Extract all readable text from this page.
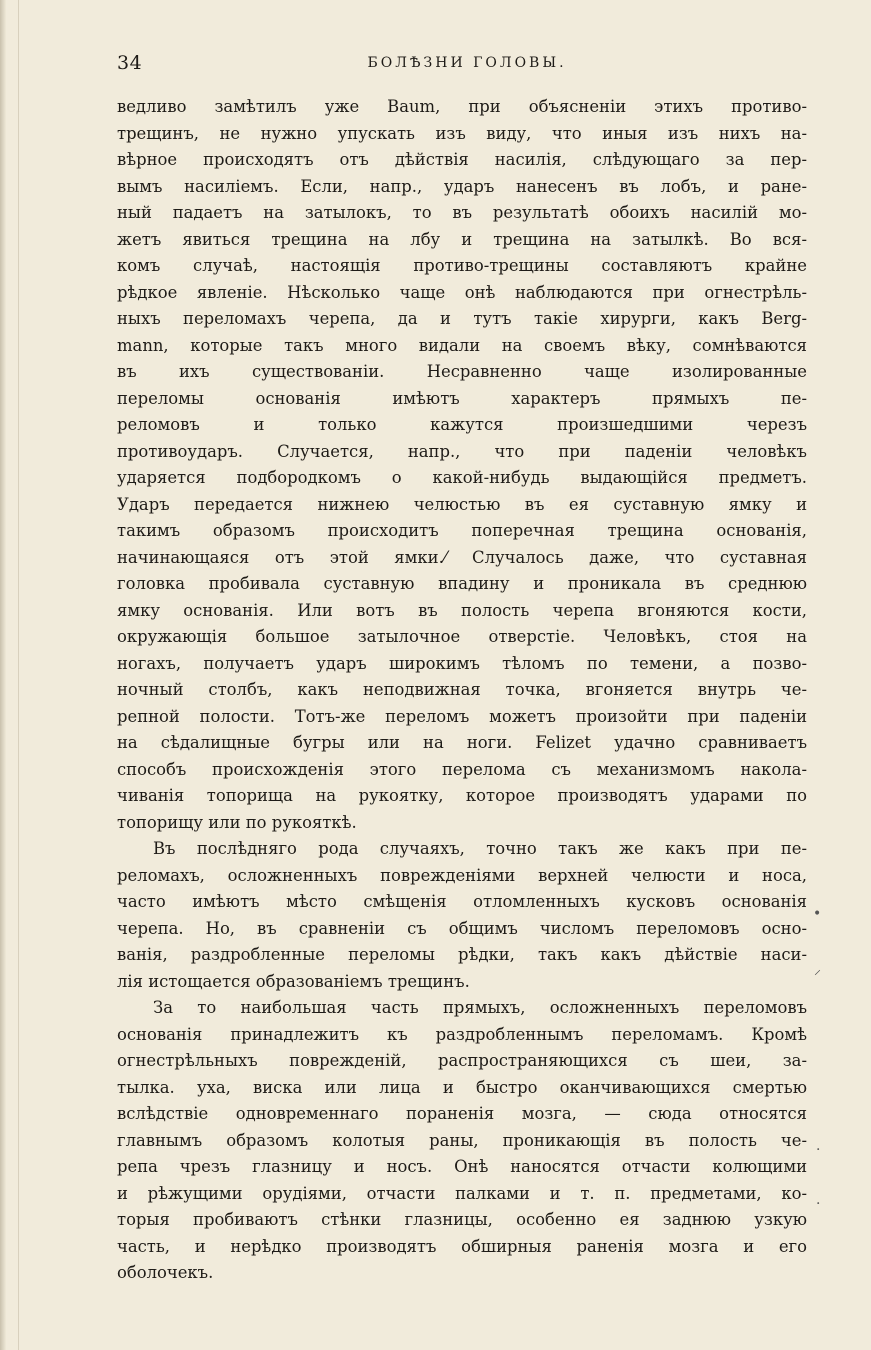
34	БОЛѢЗНИ ГОЛОВЫ.
ведливо замѣтилъ уже Baum, при объясненіи этихъ противо-
трещинъ, не нужно упускать изъ виду, что иныя изъ нихъ на-
вѣрное происходятъ отъ дѣйствія насилія, слѣдующаго за пер-
вымъ насиліемъ. Если, напр., ударъ нанесенъ въ лобъ, и ране-
ный падаетъ на затылокъ, то въ результатѣ обоихъ насилій мо-
жетъ явиться трещина на лбу и трещина на затылкѣ. Во вся-
комъ случаѣ, настоящія противо-трещины составляютъ крайне
рѣдкое явленіе. Нѣсколько чаще онѣ наблюдаются при огнестрѣль-
ныхъ переломахъ черепа, да и тутъ такіе хирурги, какъ Berg-
mann, которые такъ много видали на своемъ вѣку, сомнѣваются
въ ихъ существованіи. Несравненно чаще изолированные
переломы основанія имѣютъ характеръ прямыхъ пе-
реломовъ и только кажутся произшедшими черезъ
противоударъ. Случается, напр., что при паденіи человѣкъ
ударяется подбородкомъ о какой-нибудь выдающійся предметъ.
Ударъ передается нижнею челюстью въ ея суставную ямку и
такимъ образомъ происходитъ поперечная трещина основанія,
начинающаяся отъ этой ямки.⁄ Случалось даже, что суставная
головка пробивала суставную впадину и проникала въ среднюю
ямку основанія. Или вотъ въ полость черепа вгоняются кости,
окружающія большое затылочное отверстіе. Человѣкъ, стоя на
ногахъ, получаетъ ударъ широкимъ тѣломъ по темени, а позво-
ночный столбъ, какъ неподвижная точка, вгоняется внутрь че-
репной полости. Тотъ-же переломъ можетъ произойти при паденіи
на сѣдалищные бугры или на ноги. Felizet удачно сравниваетъ
способъ происхожденія этого перелома съ механизмомъ накола-
чиванія топорища на рукоятку, которое производятъ ударами по
топорищу или по рукояткѣ.
Въ послѣдняго рода случаяхъ, точно такъ же какъ при пе-
реломахъ, осложненныхъ поврежденіями верхней челюсти и носа,
часто имѣютъ мѣсто смѣщенія отломленныхъ кусковъ основанія
черепа. Но, въ сравненіи съ общимъ числомъ переломовъ осно-
ванія, раздробленные переломы рѣдки, такъ какъ дѣйствіе наси-
лія истощается образованіемъ трещинъ.
За то наибольшая часть прямыхъ, осложненныхъ переломовъ
основанія принадлежитъ къ раздробленнымъ переломамъ. Кромѣ
огнестрѣльныхъ поврежденій, распространяющихся съ шеи, за-
тылка. уха, виска или лица и быстро оканчивающихся смертью
вслѣдствіе одновременнаго пораненія мозга, — сюда относятся
главнымъ образомъ колотыя раны, проникающія въ полость че-
репа чрезъ глазницу и носъ. Онѣ наносятся отчасти колющими
и рѣжущими орудіями, отчасти палками и т. п. предметами, ко-
торыя пробиваютъ стѣнки глазницы, особенно ея заднюю узкую
часть, и нерѣдко производятъ обширныя раненія мозга и его
оболочекъ.
•
⸝
·
·
